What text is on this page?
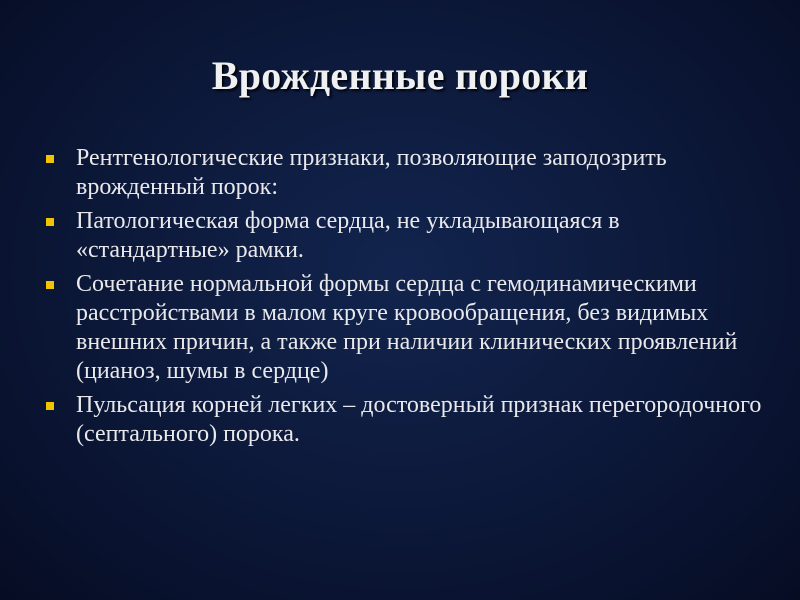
Врожденные пороки
Рентгенологические признаки, позволяющие заподозрить врожденный порок:
Патологическая форма сердца, не укладывающаяся в «стандартные» рамки.
Сочетание нормальной формы сердца с гемодинамическими расстройствами в малом круге кровообращения, без видимых внешних причин, а также при наличии клинических проявлений (цианоз, шумы в сердце)
Пульсация корней легких – достоверный признак перегородочного (септального) порока.
